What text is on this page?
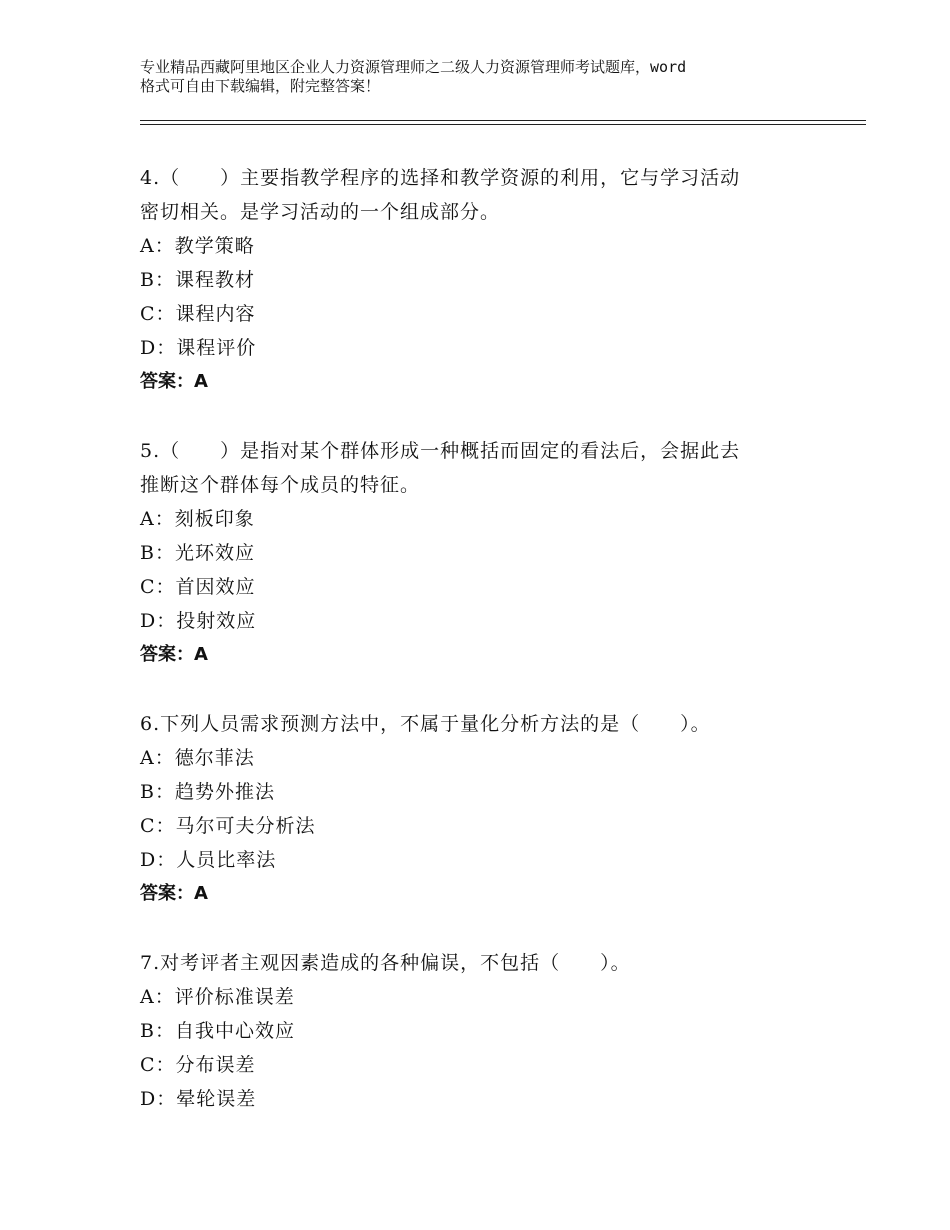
专业精品西藏阿里地区企业人力资源管理师之二级人力资源管理师考试题库，word
格式可自由下载编辑，附完整答案！
4.（　　）主要指教学程序的选择和教学资源的利用，它与学习活动
密切相关。是学习活动的一个组成部分。
A：教学策略
B：课程教材
C：课程内容
D：课程评价
答案：A
5.（　　）是指对某个群体形成一种概括而固定的看法后，会据此去
推断这个群体每个成员的特征。
A：刻板印象
B：光环效应
C：首因效应
D：投射效应
答案：A
6.下列人员需求预测方法中，不属于量化分析方法的是（　　）。
A：德尔菲法
B：趋势外推法
C：马尔可夫分析法
D：人员比率法
答案：A
7.对考评者主观因素造成的各种偏误，不包括（　　）。
A：评价标准误差
B：自我中心效应
C：分布误差
D：晕轮误差
